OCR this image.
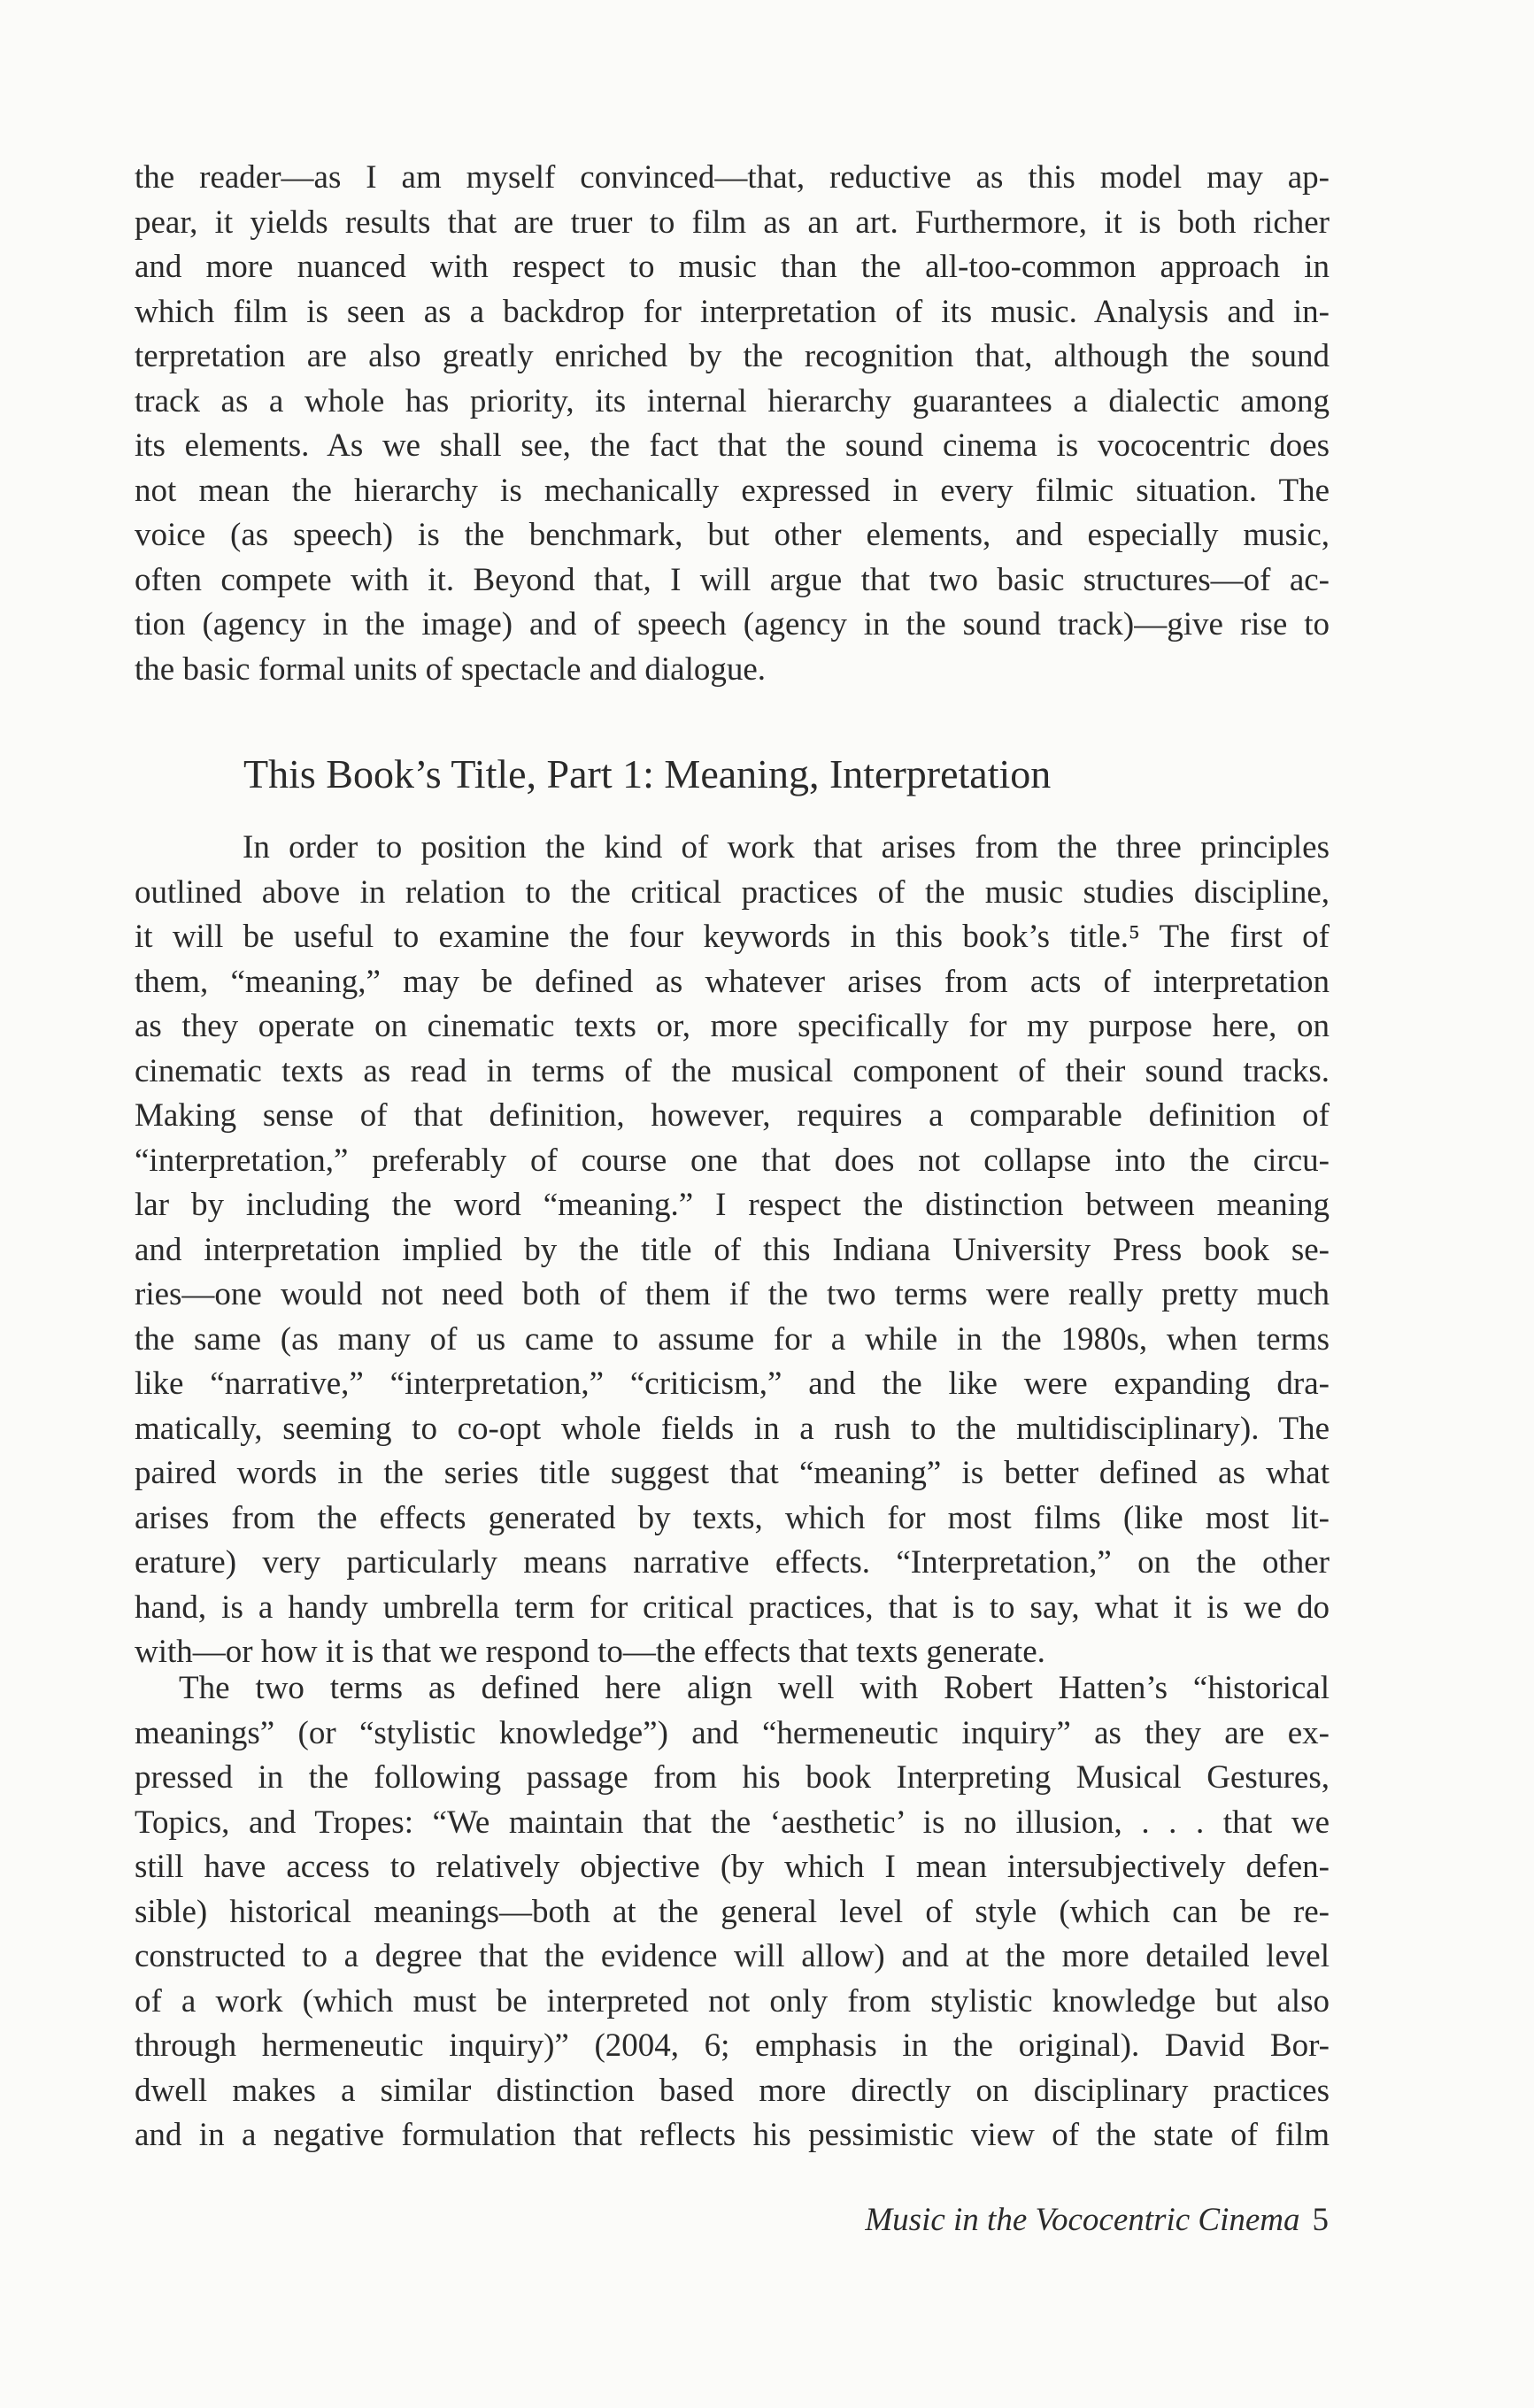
the reader—as I am myself convinced—that, reductive as this model may ap-
pear, it yields results that are truer to film as an art. Furthermore, it is both richer
and more nuanced with respect to music than the all-too-common approach in
which film is seen as a backdrop for interpretation of its music. Analysis and in-
terpretation are also greatly enriched by the recognition that, although the sound
track as a whole has priority, its internal hierarchy guarantees a dialectic among
its elements. As we shall see, the fact that the sound cinema is vococentric does
not mean the hierarchy is mechanically expressed in every filmic situation. The
voice (as speech) is the benchmark, but other elements, and especially music,
often compete with it. Beyond that, I will argue that two basic structures—of ac-
tion (agency in the image) and of speech (agency in the sound track)—give rise to
the basic formal units of spectacle and dialogue.
This Book’s Title, Part 1: Meaning, Interpretation
In order to position the kind of work that arises from the three principles
outlined above in relation to the critical practices of the music studies discipline,
it will be useful to examine the four keywords in this book’s title.⁵ The first of
them, “meaning,” may be defined as whatever arises from acts of interpretation
as they operate on cinematic texts or, more specifically for my purpose here, on
cinematic texts as read in terms of the musical component of their sound tracks.
Making sense of that definition, however, requires a comparable definition of
“interpretation,” preferably of course one that does not collapse into the circu-
lar by including the word “meaning.” I respect the distinction between meaning
and interpretation implied by the title of this Indiana University Press book se-
ries—one would not need both of them if the two terms were really pretty much
the same (as many of us came to assume for a while in the 1980s, when terms
like “narrative,” “interpretation,” “criticism,” and the like were expanding dra-
matically, seeming to co-opt whole fields in a rush to the multidisciplinary). The
paired words in the series title suggest that “meaning” is better defined as what
arises from the effects generated by texts, which for most films (like most lit-
erature) very particularly means narrative effects. “Interpretation,” on the other
hand, is a handy umbrella term for critical practices, that is to say, what it is we do
with—or how it is that we respond to—the effects that texts generate.
The two terms as defined here align well with Robert Hatten’s “historical
meanings” (or “stylistic knowledge”) and “hermeneutic inquiry” as they are ex-
pressed in the following passage from his book Interpreting Musical Gestures,
Topics, and Tropes: “We maintain that the ‘aesthetic’ is no illusion, . . . that we
still have access to relatively objective (by which I mean intersubjectively defen-
sible) historical meanings—both at the general level of style (which can be re-
constructed to a degree that the evidence will allow) and at the more detailed level
of a work (which must be interpreted not only from stylistic knowledge but also
through hermeneutic inquiry)” (2004, 6; emphasis in the original). David Bor-
dwell makes a similar distinction based more directly on disciplinary practices
and in a negative formulation that reflects his pessimistic view of the state of film
Music in the Vococentric Cinema 5
